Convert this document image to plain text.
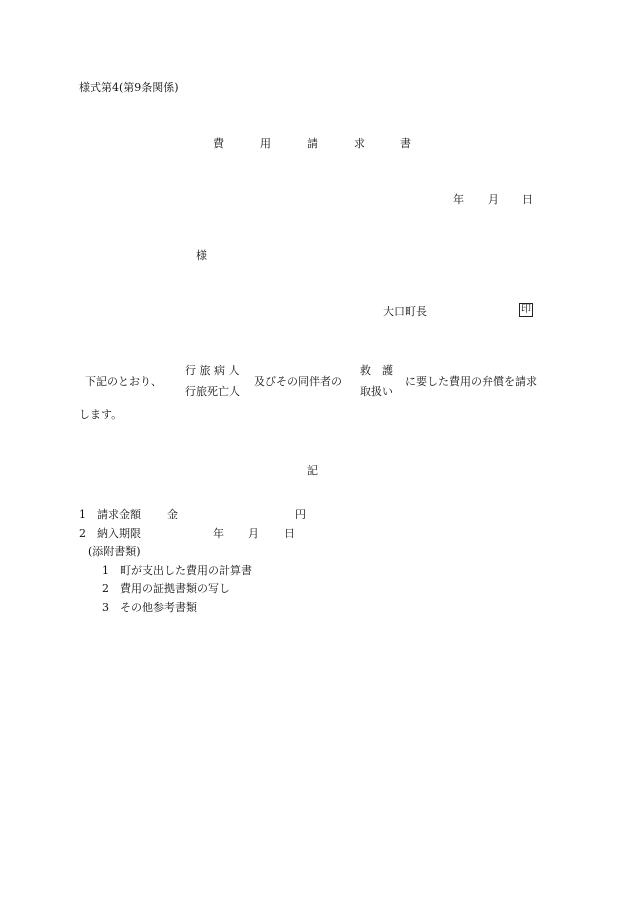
様式第4(第9条関係)
費	用	請	求	書
年 月 日
様
大口町長	印
下記のとおり、
行 旅 病 人
行旅死亡人
及びその同伴者の
救　護
取扱い
に要した費用の弁償を請求
します。
記
1 請求金額 金	円
2 納入期限	年 月 日
(添附書類)
1 町が支出した費用の計算書
2 費用の証拠書類の写し
3 その他参考書類
